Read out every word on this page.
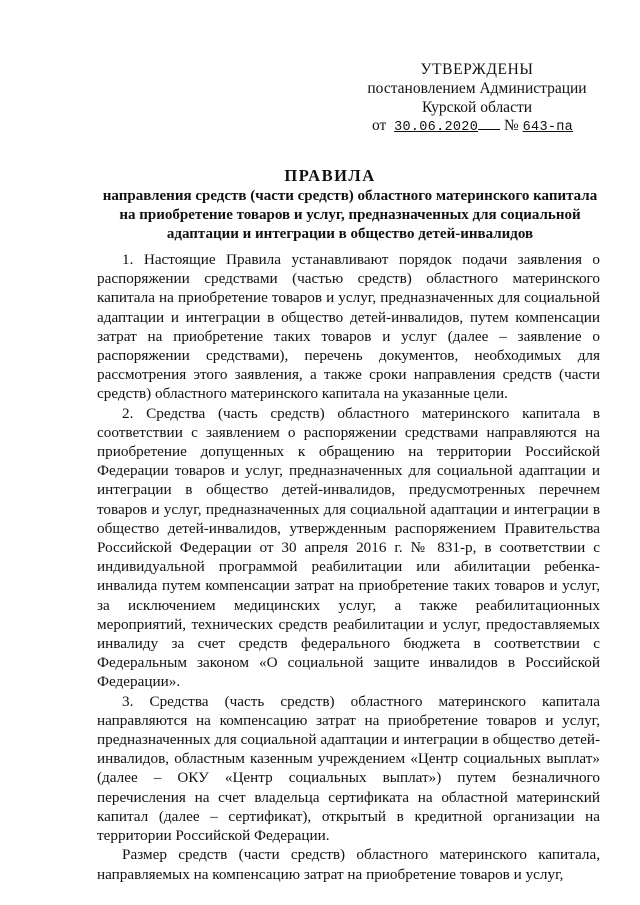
УТВЕРЖДЕНЫ
постановлением Администрации
Курской области
от 30.06.2020 № 643-па
ПРАВИЛА
направления средств (части средств) областного материнского капитала на приобретение товаров и услуг, предназначенных для социальной адаптации и интеграции в общество детей-инвалидов

1. Настоящие Правила устанавливают порядок подачи заявления о распоряжении средствами (частью средств) областного материнского капитала на приобретение товаров и услуг, предназначенных для социальной адаптации и интеграции в общество детей-инвалидов, путем компенсации затрат на приобретение таких товаров и услуг (далее – заявление о распоряжении средствами), перечень документов, необходимых для рассмотрения этого заявления, а также сроки направления средств (части средств) областного материнского капитала на указанные цели.

2. Средства (часть средств) областного материнского капитала в соответствии с заявлением о распоряжении средствами направляются на приобретение допущенных к обращению на территории Российской Федерации товаров и услуг, предназначенных для социальной адаптации и интеграции в общество детей-инвалидов, предусмотренных перечнем товаров и услуг, предназначенных для социальной адаптации и интеграции в общество детей-инвалидов, утвержденным распоряжением Правительства Российской Федерации от 30 апреля 2016 г. № 831-р, в соответствии с индивидуальной программой реабилитации или абилитации ребенка-инвалида путем компенсации затрат на приобретение таких товаров и услуг, за исключением медицинских услуг, а также реабилитационных мероприятий, технических средств реабилитации и услуг, предоставляемых инвалиду за счет средств федерального бюджета в соответствии с Федеральным законом «О социальной защите инвалидов в Российской Федерации».

3. Средства (часть средств) областного материнского капитала направляются на компенсацию затрат на приобретение товаров и услуг, предназначенных для социальной адаптации и интеграции в общество детей-инвалидов, областным казенным учреждением «Центр социальных выплат» (далее – ОКУ «Центр социальных выплат») путем безналичного перечисления на счет владельца сертификата на областной материнский капитал (далее – сертификат), открытый в кредитной организации на территории Российской Федерации.

Размер средств (части средств) областного материнского капитала, направляемых на компенсацию затрат на приобретение товаров и услуг,
